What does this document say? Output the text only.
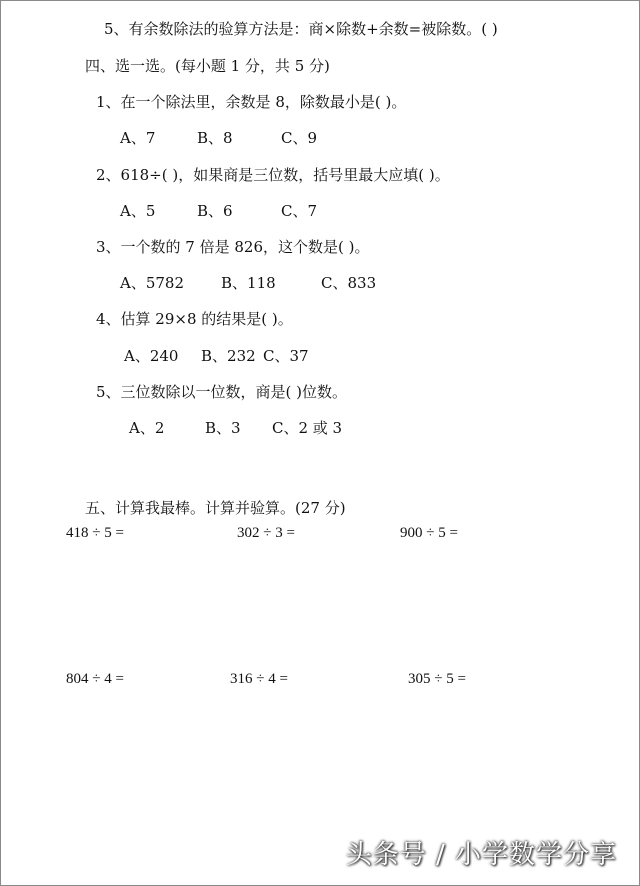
5、有余数除法的验算方法是：商×除数+余数=被除数。( )
四、选一选。(每小题 1 分，共 5 分)
1、在一个除法里，余数是 8，除数最小是( )。
A、7	B、8	C、9
2、618÷( )，如果商是三位数，括号里最大应填( )。
A、5	B、6	C、7
3、一个数的 7 倍是 826，这个数是( )。
A、5782 B、118	C、833
4、估算 29×8 的结果是( )。
A、240 B、232 C、37
5、三位数除以一位数，商是( )位数。
A、2	B、3 C、2 或 3
五、计算我最棒。计算并验算。(27 分)
418 ÷ 5 =	302 ÷ 3 =	900 ÷ 5 =
804 ÷ 4 =	316 ÷ 4 =	305 ÷ 5 =
头条号 / 小学数学分享
